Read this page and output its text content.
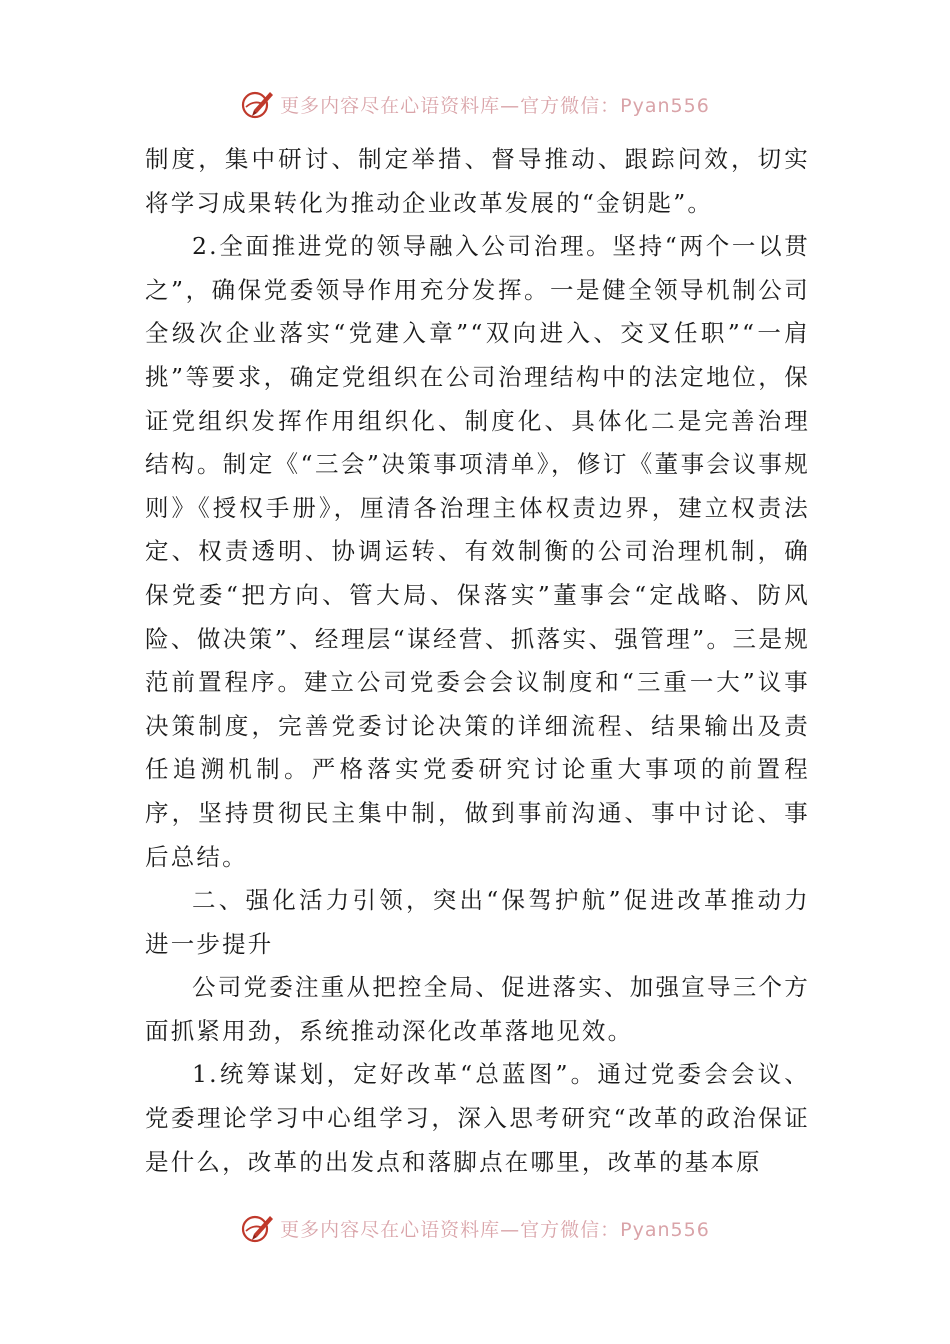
更多内容尽在心语资料库—官方微信：Pyan556

制度，集中研讨、制定举措、督导推动、跟踪问效，切实将学习成果转化为推动企业改革发展的“金钥匙”。

2.全面推进党的领导融入公司治理。坚持“两个一以贯之”，确保党委领导作用充分发挥。一是健全领导机制公司全级次企业落实“党建入章”“双向进入、交叉任职”“一肩挑”等要求，确定党组织在公司治理结构中的法定地位，保证党组织发挥作用组织化、制度化、具体化二是完善治理结构。制定《“三会”决策事项清单》，修订《董事会议事规则》《授权手册》，厘清各治理主体权责边界，建立权责法定、权责透明、协调运转、有效制衡的公司治理机制，确保党委“把方向、管大局、保落实”董事会“定战略、防风险、做决策”、经理层“谋经营、抓落实、强管理”。三是规范前置程序。建立公司党委会会议制度和“三重一大”议事决策制度，完善党委讨论决策的详细流程、结果输出及责任追溯机制。严格落实党委研究讨论重大事项的前置程序，坚持贯彻民主集中制，做到事前沟通、事中讨论、事后总结。

二、强化活力引领，突出“保驾护航”促进改革推动力进一步提升

公司党委注重从把控全局、促进落实、加强宣导三个方面抓紧用劲，系统推动深化改革落地见效。

1.统筹谋划，定好改革“总蓝图”。通过党委会会议、党委理论学习中心组学习，深入思考研究“改革的政治保证是什么，改革的出发点和落脚点在哪里，改革的基本原

更多内容尽在心语资料库—官方微信：Pyan556
